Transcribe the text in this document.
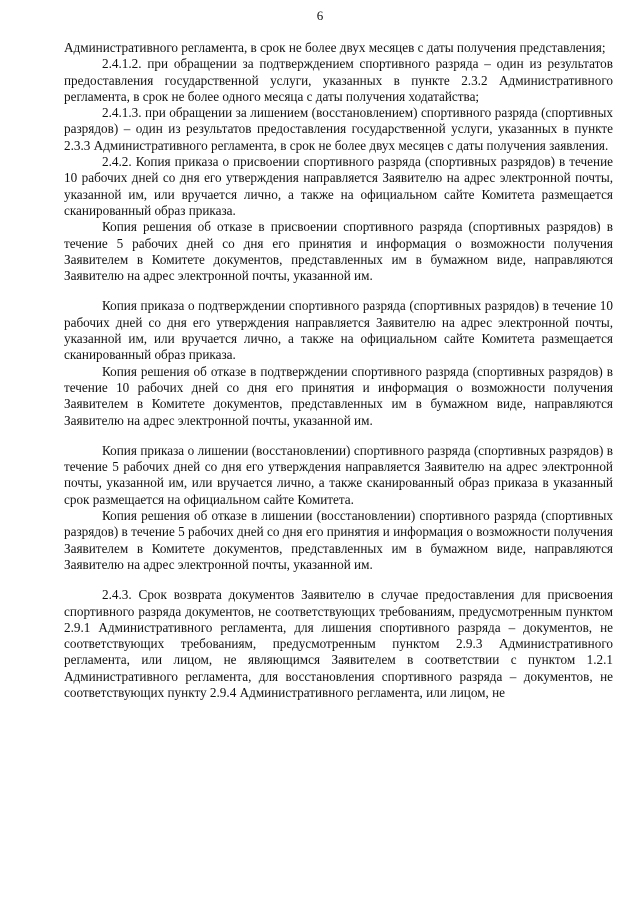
6

Административного регламента, в срок не более двух месяцев с даты получения представления;

2.4.1.2. при обращении за подтверждением спортивного разряда – один из результатов предоставления государственной услуги, указанных в пункте 2.3.2 Административного регламента, в срок не более одного месяца с даты получения ходатайства;

2.4.1.3. при обращении за лишением (восстановлением) спортивного разряда (спортивных разрядов) – один из результатов предоставления государственной услуги, указанных в пункте 2.3.3 Административного регламента, в срок не более двух месяцев с даты получения заявления.

2.4.2. Копия приказа о присвоении спортивного разряда (спортивных разрядов) в течение 10 рабочих дней со дня его утверждения направляется Заявителю на адрес электронной почты, указанной им, или вручается лично, а также на официальном сайте Комитета размещается сканированный образ приказа.

Копия решения об отказе в присвоении спортивного разряда (спортивных разрядов) в течение 5 рабочих дней со дня его принятия и информация о возможности получения Заявителем в Комитете документов, представленных им в бумажном виде, направляются Заявителю на адрес электронной почты, указанной им.

Копия приказа о подтверждении спортивного разряда (спортивных разрядов) в течение 10 рабочих дней со дня его утверждения направляется Заявителю на адрес электронной почты, указанной им, или вручается лично, а также на официальном сайте Комитета размещается сканированный образ приказа.

Копия решения об отказе в подтверждении спортивного разряда (спортивных разрядов) в течение 10 рабочих дней со дня его принятия и информация о возможности получения Заявителем в Комитете документов, представленных им в бумажном виде, направляются Заявителю на адрес электронной почты, указанной им.

Копия приказа о лишении (восстановлении) спортивного разряда (спортивных разрядов) в течение 5 рабочих дней со дня его утверждения направляется Заявителю на адрес электронной почты, указанной им, или вручается лично, а также сканированный образ приказа в указанный срок размещается на официальном сайте Комитета.

Копия решения об отказе в лишении (восстановлении) спортивного разряда (спортивных разрядов) в течение 5 рабочих дней со дня его принятия и информация о возможности получения Заявителем в Комитете документов, представленных им в бумажном виде, направляются Заявителю на адрес электронной почты, указанной им.

2.4.3. Срок возврата документов Заявителю в случае предоставления для присвоения спортивного разряда документов, не соответствующих требованиям, предусмотренным пунктом 2.9.1 Административного регламента, для лишения спортивного разряда – документов, не соответствующих требованиям, предусмотренным пунктом 2.9.3 Административного регламента, или лицом, не являющимся Заявителем в соответствии с пунктом 1.2.1 Административного регламента, для восстановления спортивного разряда – документов, не соответствующих пункту 2.9.4 Административного регламента, или лицом, не
